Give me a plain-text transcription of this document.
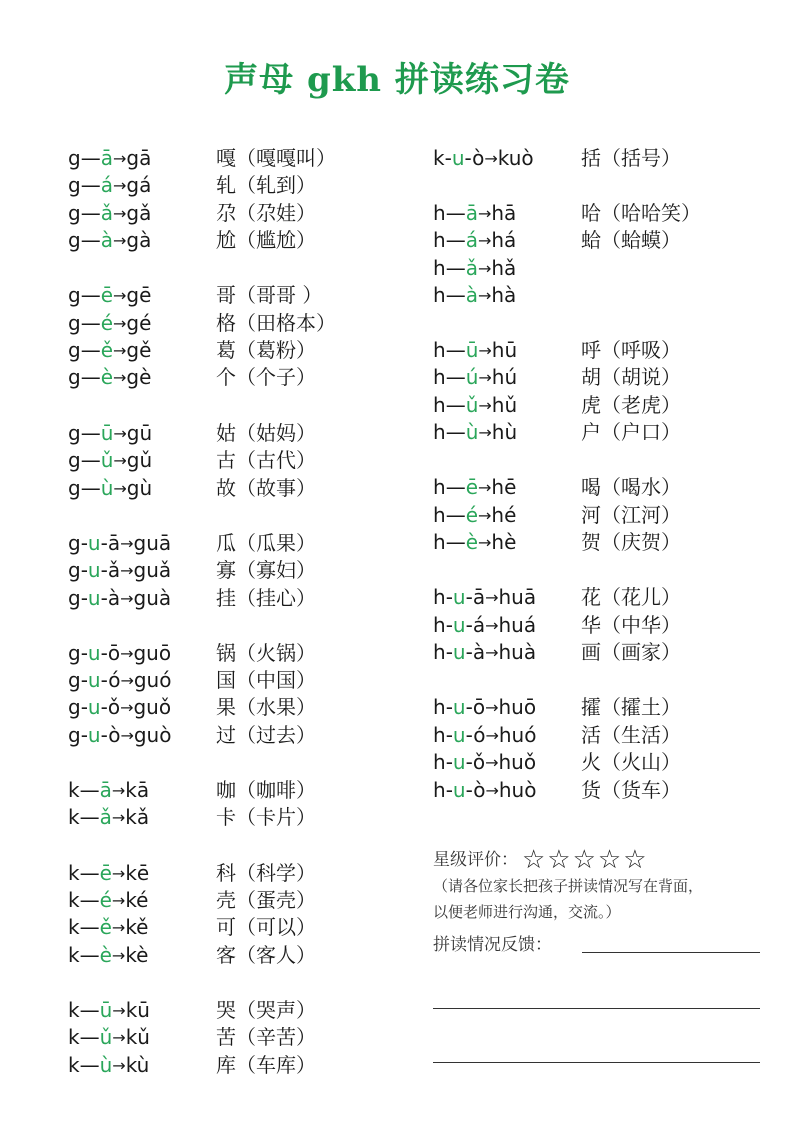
声母 gkh 拼读练习卷
g—ā→gā	嘎（嘎嘎叫）
g—á→gá	轧（轧到）
g—ǎ→gǎ	尕（尕娃）
g—à→gà	尬（尴尬）
g—ē→gē	哥（哥哥 ）
g—é→gé	格（田格本）
g—ě→gě	葛（葛粉）
g—è→gè	个（个子）
g—ū→gū	姑（姑妈）
g—ǔ→gǔ	古（古代）
g—ù→gù	故（故事）
g-u-ā→guā 瓜（瓜果）
g-u-ǎ→guǎ 寡（寡妇）
g-u-à→guà 挂（挂心）
g-u-ō→guō 锅（火锅）
g-u-ó→guó 国（中国）
g-u-ǒ→guǒ 果（水果）
g-u-ò→guò 过（过去）
k—ā→kā	咖（咖啡）
k—ǎ→kǎ	卡（卡片）
k—ē→kē	科（科学）
k—é→ké	壳（蛋壳）
k—ě→kě	可（可以）
k—è→kè	客（客人）
k—ū→kū	哭（哭声）
k—ǔ→kǔ	苦（辛苦）
k—ù→kù	库（车库）
k-u-ò→kuò 括（括号）
h—ā→hā	哈（哈哈笑）
h—á→há	蛤（蛤蟆）
h—ǎ→hǎ
h—à→hà
h—ū→hū	呼（呼吸）
h—ú→hú	胡（胡说）
h—ǔ→hǔ	虎（老虎）
h—ù→hù	户（户口）
h—ē→hē	喝（喝水）
h—é→hé	河（江河）
h—è→hè	贺（庆贺）
h-u-ā→huā 花（花儿）
h-u-á→huá 华（中华）
h-u-à→huà 画（画家）
h-u-ō→huō 攉（攉土）
h-u-ó→huó 活（生活）
h-u-ǒ→huǒ 火（火山）
h-u-ò→huò 货（货车）
星级评价： ☆☆☆☆☆
（请各位家长把孩子拼读情况写在背面，
以便老师进行沟通，交流。）
拼读情况反馈：
